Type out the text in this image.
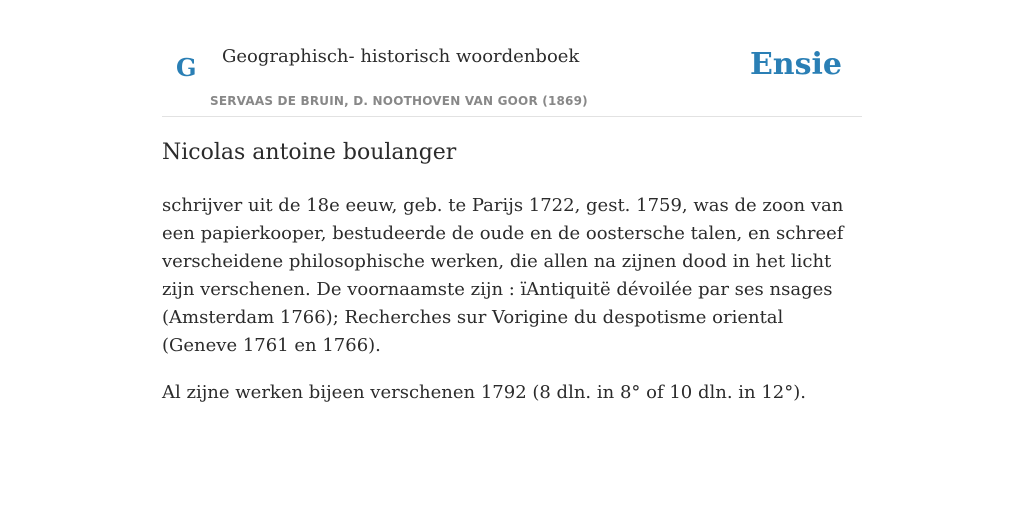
G Geographisch- historisch woordenboek
SERVAAS DE BRUIN, D. NOOTHOVEN VAN GOOR (1869)
Ensie
Nicolas antoine boulanger

schrijver uit de 18e eeuw, geb. te Parijs 1722, gest. 1759, was de zoon van een papierkooper, bestudeerde de oude en de oostersche talen, en schreef verscheidene philosophische werken, die allen na zijnen dood in het licht zijn verschenen. De voornaamste zijn : ïAntiquitë dévoilée par ses nsages (Amsterdam 1766); Recherches sur Vorigine du despotisme oriental (Geneve 1761 en 1766).

Al zijne werken bijeen verschenen 1792 (8 dln. in 8° of 10 dln. in 12°).
